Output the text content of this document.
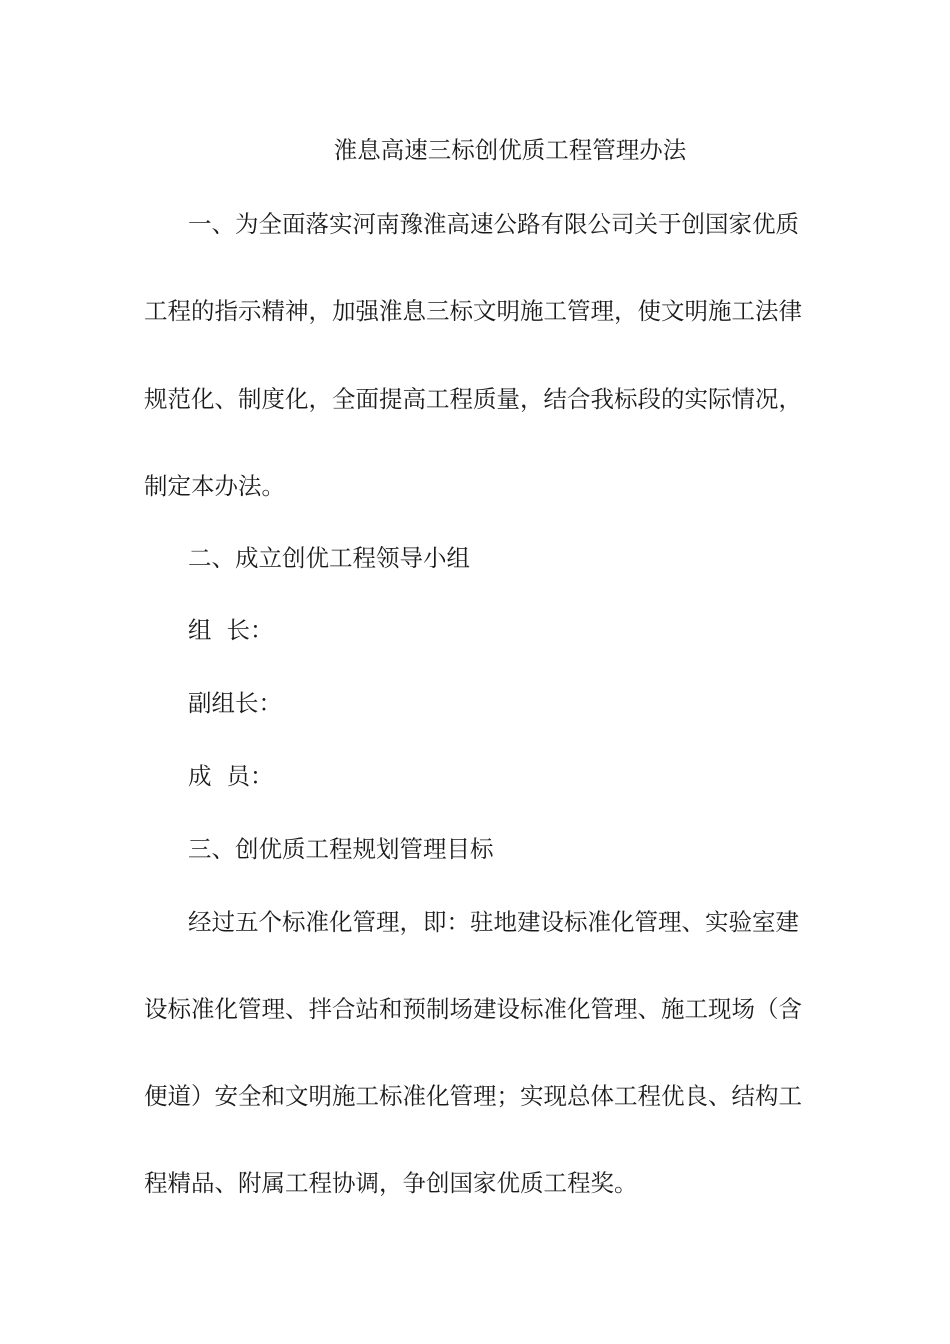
淮息高速三标创优质工程管理办法
一、为全面落实河南豫淮高速公路有限公司关于创国家优质
工程的指示精神，加强淮息三标文明施工管理，使文明施工法律
规范化、制度化，全面提高工程质量，结合我标段的实际情况，
制定本办法。
二、成立创优工程领导小组
组  长：
副组长：
成  员：
三、创优质工程规划管理目标
经过五个标准化管理，即：驻地建设标准化管理、实验室建
设标准化管理、拌合站和预制场建设标准化管理、施工现场（含
便道）安全和文明施工标准化管理；实现总体工程优良、结构工
程精品、附属工程协调，争创国家优质工程奖。
